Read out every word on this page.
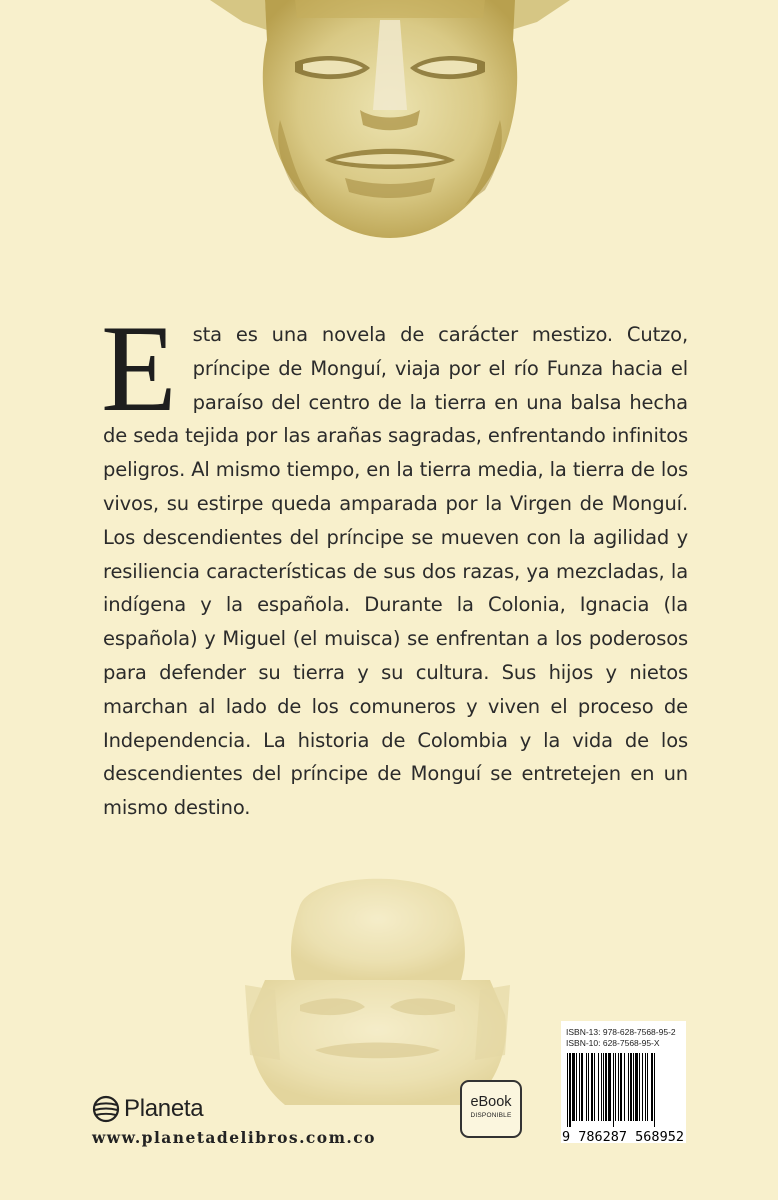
E sta es una novela de carácter mestizo. Cutzo, príncipe de Monguí, viaja por el río Funza hacia el paraíso del centro de la tierra en una balsa hecha de seda tejida por las arañas sagradas, enfrentando infinitos peligros. Al mismo tiempo, en la tierra media, la tierra de los vivos, su estirpe queda amparada por la Virgen de Monguí. Los descendientes del príncipe se mueven con la agilidad y resiliencia características de sus dos razas, ya mezcladas, la indígena y la española. Durante la Colonia, Ignacia (la española) y Miguel (el muisca) se enfrentan a los poderosos para defender su tierra y su cultura. Sus hijos y nietos marchan al lado de los comuneros y viven el proceso de Independencia. La historia de Colombia y la vida de los descendientes del príncipe de Monguí se entretejen en un mismo destino.
Planeta
www.planetadelibros.com.co
eBook
DISPONIBLE
ISBN-13: 978-628-7568-95-2
ISBN-10: 628-7568-95-X
9 786287 568952
